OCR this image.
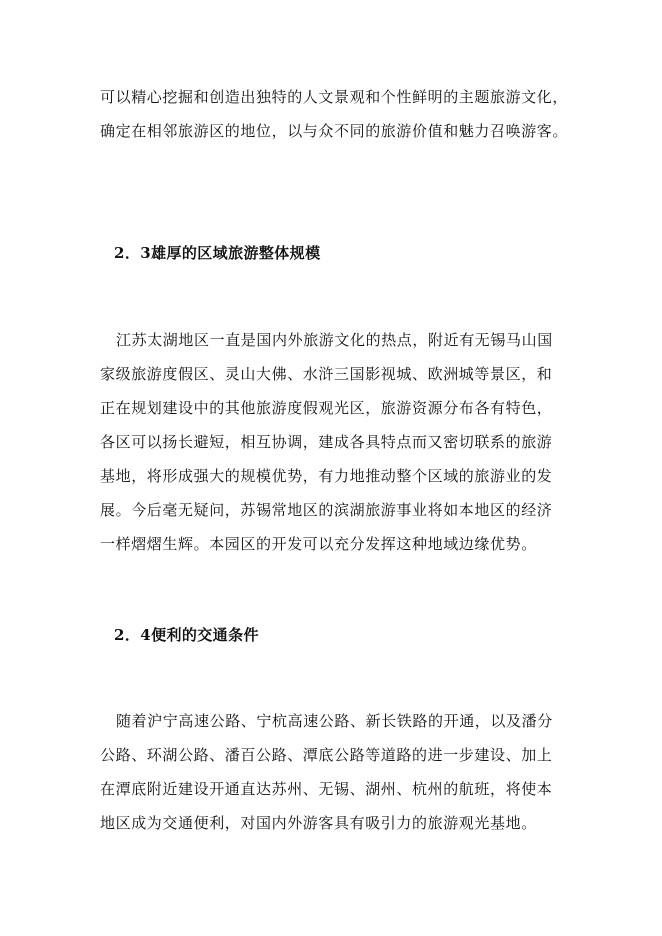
可以精心挖掘和创造出独特的人文景观和个性鲜明的主题旅游文化，
确定在相邻旅游区的地位，以与众不同的旅游价值和魅力召唤游客。
2．3雄厚的区域旅游整体规模
江苏太湖地区一直是国内外旅游文化的热点，附近有无锡马山国
家级旅游度假区、灵山大佛、水浒三国影视城、欧洲城等景区，和
正在规划建设中的其他旅游度假观光区，旅游资源分布各有特色，
各区可以扬长避短，相互协调，建成各具特点而又密切联系的旅游
基地，将形成强大的规模优势，有力地推动整个区域的旅游业的发
展。今后毫无疑问，苏锡常地区的滨湖旅游事业将如本地区的经济
一样熠熠生辉。本园区的开发可以充分发挥这种地域边缘优势。
2．4便利的交通条件
随着沪宁高速公路、宁杭高速公路、新长铁路的开通，以及潘分
公路、环湖公路、潘百公路、潭底公路等道路的进一步建设、加上
在潭底附近建设开通直达苏州、无锡、湖州、杭州的航班，将使本
地区成为交通便利，对国内外游客具有吸引力的旅游观光基地。
